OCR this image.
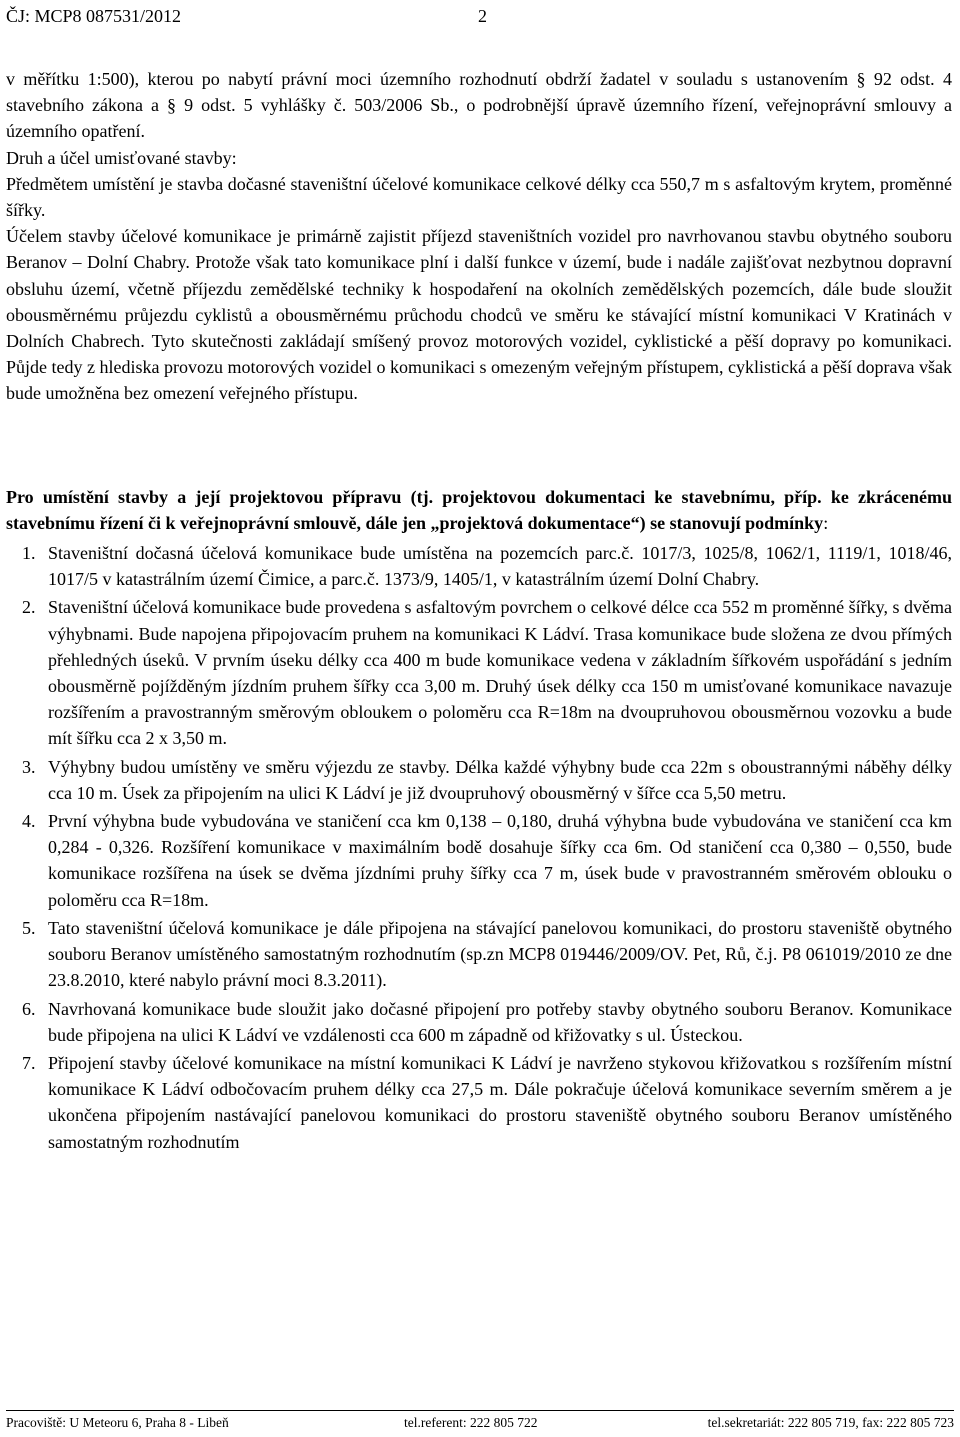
ČJ: MCP8 087531/2012	2

v měřítku 1:500), kterou po nabytí právní moci územního rozhodnutí obdrží žadatel v souladu s ustanovením § 92 odst. 4 stavebního zákona a § 9 odst. 5 vyhlášky č. 503/2006 Sb., o podrobnější úpravě územního řízení, veřejnoprávní smlouvy a územního opatření.

Druh a účel umisťované stavby:

Předmětem umístění je stavba dočasné staveništní účelové komunikace celkové délky cca 550,7 m s asfaltovým krytem, proměnné šířky.

Účelem stavby účelové komunikace je primárně zajistit příjezd staveništních vozidel pro navrhovanou stavbu obytného souboru Beranov – Dolní Chabry. Protože však tato komunikace plní i další funkce v území, bude i nadále zajišťovat nezbytnou dopravní obsluhu území, včetně příjezdu zemědělské techniky k hospodaření na okolních zemědělských pozemcích, dále bude sloužit obousměrnému průjezdu cyklistů a obousměrnému průchodu chodců ve směru ke stávající místní komunikaci V Kratinách v Dolních Chabrech. Tyto skutečnosti zakládají smíšený provoz motorových vozidel, cyklistické a pěší dopravy po komunikaci. Půjde tedy z hlediska provozu motorových vozidel o komunikaci s omezeným veřejným přístupem, cyklistická a pěší doprava však bude umožněna bez omezení veřejného přístupu.

Pro umístění stavby a její projektovou přípravu (tj. projektovou dokumentaci ke stavebnímu, příp. ke zkrácenému stavebnímu řízení či k veřejnoprávní smlouvě, dále jen „projektová dokumentace“) se stanovují podmínky:

1. Staveništní dočasná účelová komunikace bude umístěna na pozemcích parc.č. 1017/3, 1025/8, 1062/1, 1119/1, 1018/46, 1017/5 v katastrálním území Čimice, a parc.č. 1373/9, 1405/1, v katastrálním území Dolní Chabry.
2. Staveništní účelová komunikace bude provedena s asfaltovým povrchem o celkové délce cca 552 m proměnné šířky, s dvěma výhybnami. Bude napojena připojovacím pruhem na komunikaci K Ládví. Trasa komunikace bude složena ze dvou přímých přehledných úseků. V prvním úseku délky cca 400 m bude komunikace vedena v základním šířkovém uspořádání s jedním obousměrně pojížděným jízdním pruhem šířky cca 3,00 m. Druhý úsek délky cca 150 m umisťované komunikace navazuje rozšířením a pravostranným směrovým obloukem o poloměru cca R=18m na dvoupruhovou obousměrnou vozovku a bude mít šířku cca 2 x 3,50 m.
3. Výhybny budou umístěny ve směru výjezdu ze stavby. Délka každé výhybny bude cca 22m s oboustrannými náběhy délky cca 10 m. Úsek za připojením na ulici K Ládví je již dvoupruhový obousměrný v šířce cca 5,50 metru.
4. První výhybna bude vybudována ve staničení cca km 0,138 – 0,180, druhá výhybna bude vybudována ve staničení cca km 0,284 - 0,326. Rozšíření komunikace v maximálním bodě dosahuje šířky cca 6m. Od staničení cca 0,380 – 0,550, bude komunikace rozšířena na úsek se dvěma jízdními pruhy šířky cca 7 m, úsek bude v pravostranném směrovém oblouku o poloměru cca R=18m.
5. Tato staveništní účelová komunikace je dále připojena na stávající panelovou komunikaci, do prostoru staveniště obytného souboru Beranov umístěného samostatným rozhodnutím (sp.zn MCP8 019446/2009/OV. Pet, Rů, č.j. P8 061019/2010 ze dne 23.8.2010, které nabylo právní moci 8.3.2011).
6. Navrhovaná komunikace bude sloužit jako dočasné připojení pro potřeby stavby obytného souboru Beranov. Komunikace bude připojena na ulici K Ládví ve vzdálenosti cca 600 m západně od křižovatky s ul. Ústeckou.
7. Připojení stavby účelové komunikace na místní komunikaci K Ládví je navrženo stykovou křižovatkou s rozšířením místní komunikace K Ládví odbočovacím pruhem délky cca 27,5 m. Dále pokračuje účelová komunikace severním směrem a je ukončena připojením nastávající panelovou komunikaci do prostoru staveniště obytného souboru Beranov umístěného samostatným rozhodnutím
Pracoviště: U Meteoru 6, Praha 8 - Libeň	tel.referent: 222 805 722	tel.sekretariát: 222 805 719, fax: 222 805 723
